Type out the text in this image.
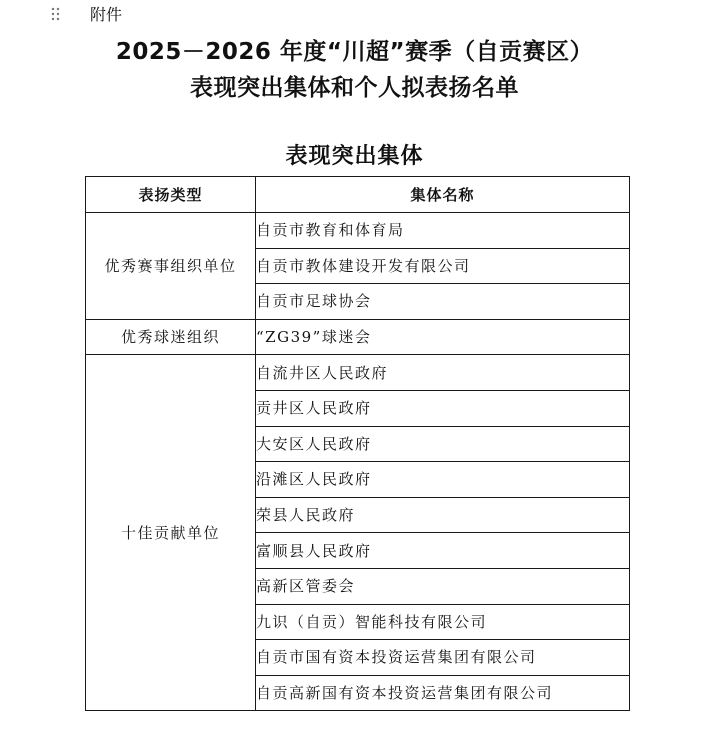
附件
2025－2026 年度“川超”赛季（自贡赛区）
表现突出集体和个人拟表扬名单
表现突出集体
表扬类型	集体名称
优秀赛事组织单位	自贡市教育和体育局
	自贡市教体建设开发有限公司
	自贡市足球协会
优秀球迷组织	“ZG39”球迷会
十佳贡献单位	自流井区人民政府
	贡井区人民政府
	大安区人民政府
	沿滩区人民政府
	荣县人民政府
	富顺县人民政府
	高新区管委会
	九识（自贡）智能科技有限公司
	自贡市国有资本投资运营集团有限公司
	自贡高新国有资本投资运营集团有限公司
